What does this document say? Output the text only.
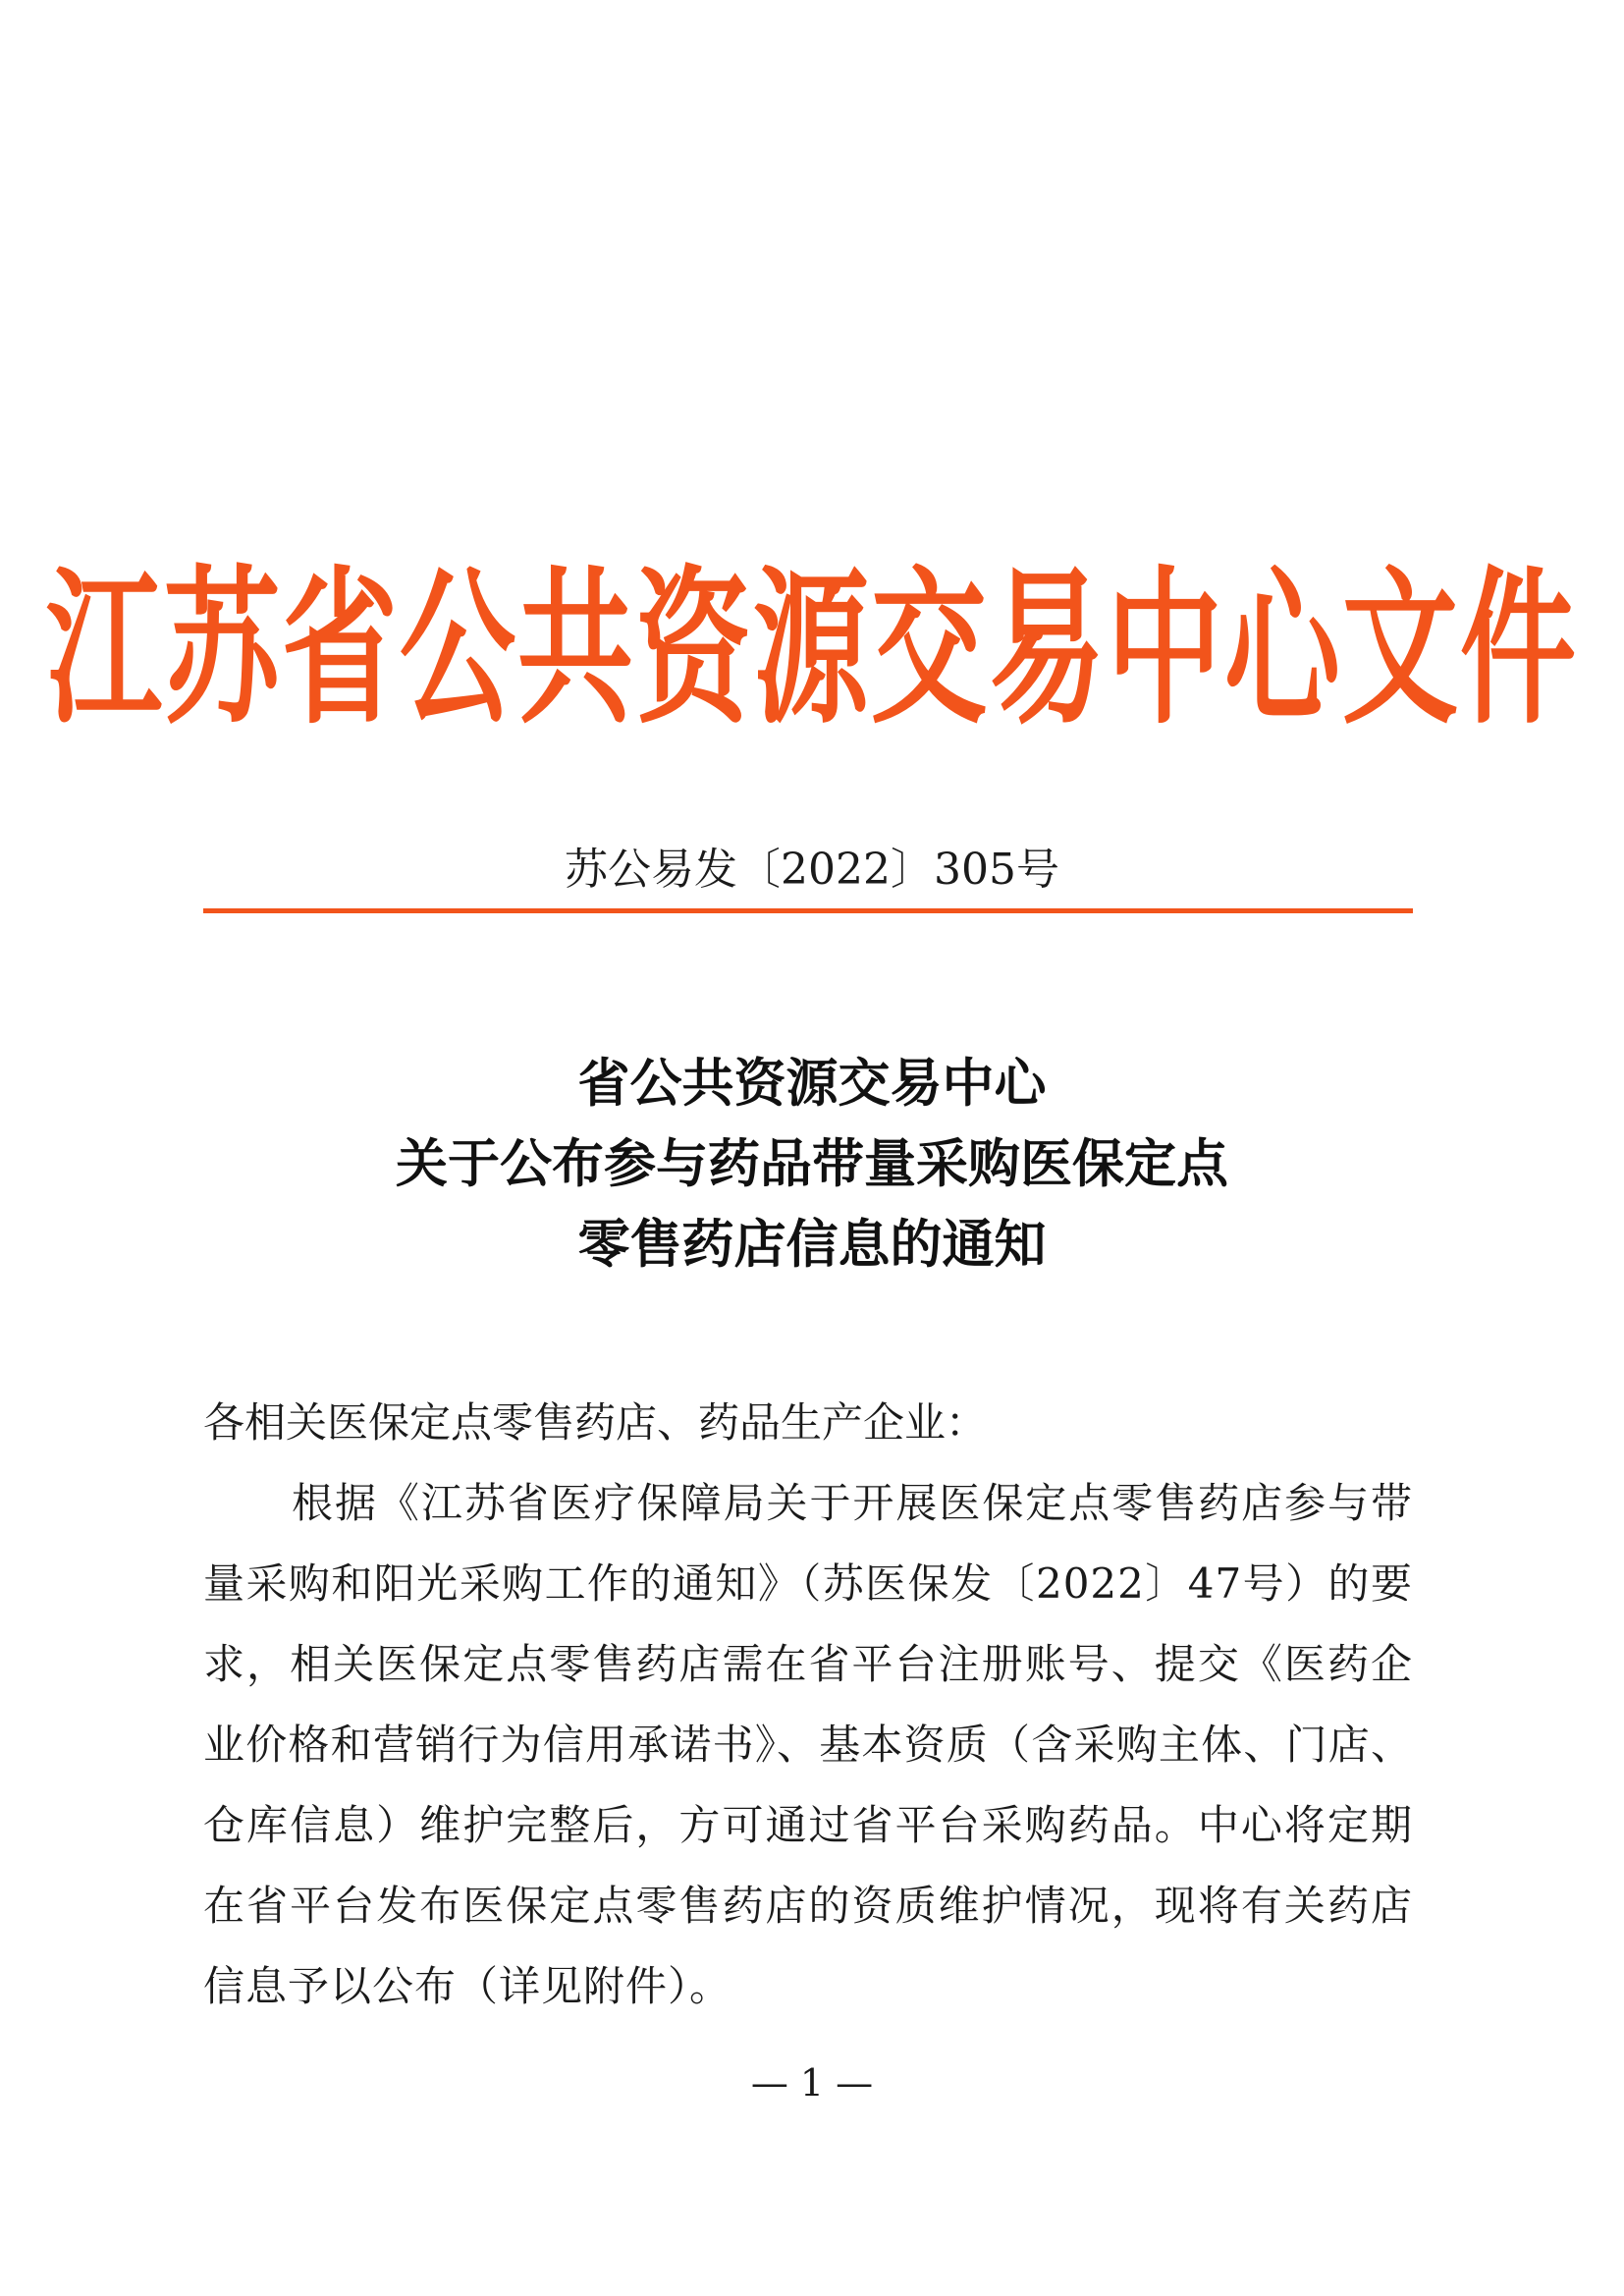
江苏省公共资源交易中心文件
苏公易发〔2022〕305号
省公共资源交易中心
关于公布参与药品带量采购医保定点
零售药店信息的通知
各相关医保定点零售药店、药品生产企业：
根据《江苏省医疗保障局关于开展医保定点零售药店参与带量采购和阳光采购工作的通知》（苏医保发〔2022〕47号）的要求，相关医保定点零售药店需在省平台注册账号、提交《医药企业价格和营销行为信用承诺书》、基本资质（含采购主体、门店、仓库信息）维护完整后，方可通过省平台采购药品。中心将定期在省平台发布医保定点零售药店的资质维护情况，现将有关药店信息予以公布（详见附件）。
— 1 —
